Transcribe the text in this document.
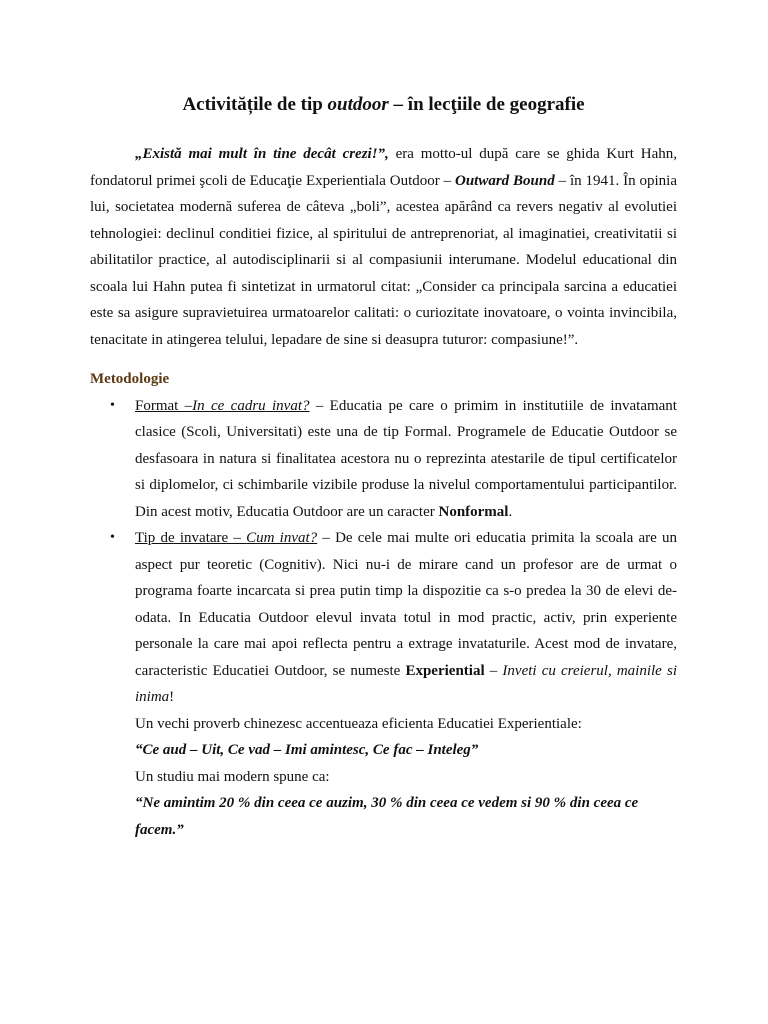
Activitățile de tip outdoor – în lecţiile de geografie

„Există mai mult în tine decât crezi!”, era motto-ul după care se ghida Kurt Hahn, fondatorul primei şcoli de Educaţie Experientiala Outdoor – Outward Bound – în 1941. În opinia lui, societatea modernă suferea de câteva „boli”, acestea apărând ca revers negativ al evolutiei tehnologiei: declinul conditiei fizice, al spiritului de antreprenoriat, al imaginatiei, creativitatii si abilitatilor practice, al autodisciplinarii si al compasiunii interumane. Modelul educational din scoala lui Hahn putea fi sintetizat in urmatorul citat: „Consider ca principala sarcina a educatiei este sa asigure supravietuirea urmatoarelor calitati: o curiozitate inovatoare, o vointa invincibila, tenacitate in atingerea telului, lepadare de sine si deasupra tuturor: compasiune!”.

Metodologie
• Format –In ce cadru invat? – Educatia pe care o primim in institutiile de invatamant clasice (Scoli, Universitati) este una de tip Formal. Programele de Educatie Outdoor se desfasoara in natura si finalitatea acestora nu o reprezinta atestarile de tipul certificatelor si diplomelor, ci schimbarile vizibile produse la nivelul comportamentului participantilor. Din acest motiv, Educatia Outdoor are un caracter Nonformal.
• Tip de invatare – Cum invat? – De cele mai multe ori educatia primita la scoala are un aspect pur teoretic (Cognitiv). Nici nu-i de mirare cand un profesor are de urmat o programa foarte incarcata si prea putin timp la dispozitie ca s-o predea la 30 de elevi de-odata. In Educatia Outdoor elevul invata totul in mod practic, activ, prin experiente personale la care mai apoi reflecta pentru a extrage invataturile. Acest mod de invatare, caracteristic Educatiei Outdoor, se numeste Experiential – Inveti cu creierul, mainile si inima!

Un vechi proverb chinezesc accentueaza eficienta Educatiei Experientiale:

“Ce aud – Uit, Ce vad – Imi amintesc, Ce fac – Inteleg”

Un studiu mai modern spune ca:

“Ne amintim 20 % din ceea ce auzim, 30 % din ceea ce vedem si 90 % din ceea ce facem.”
